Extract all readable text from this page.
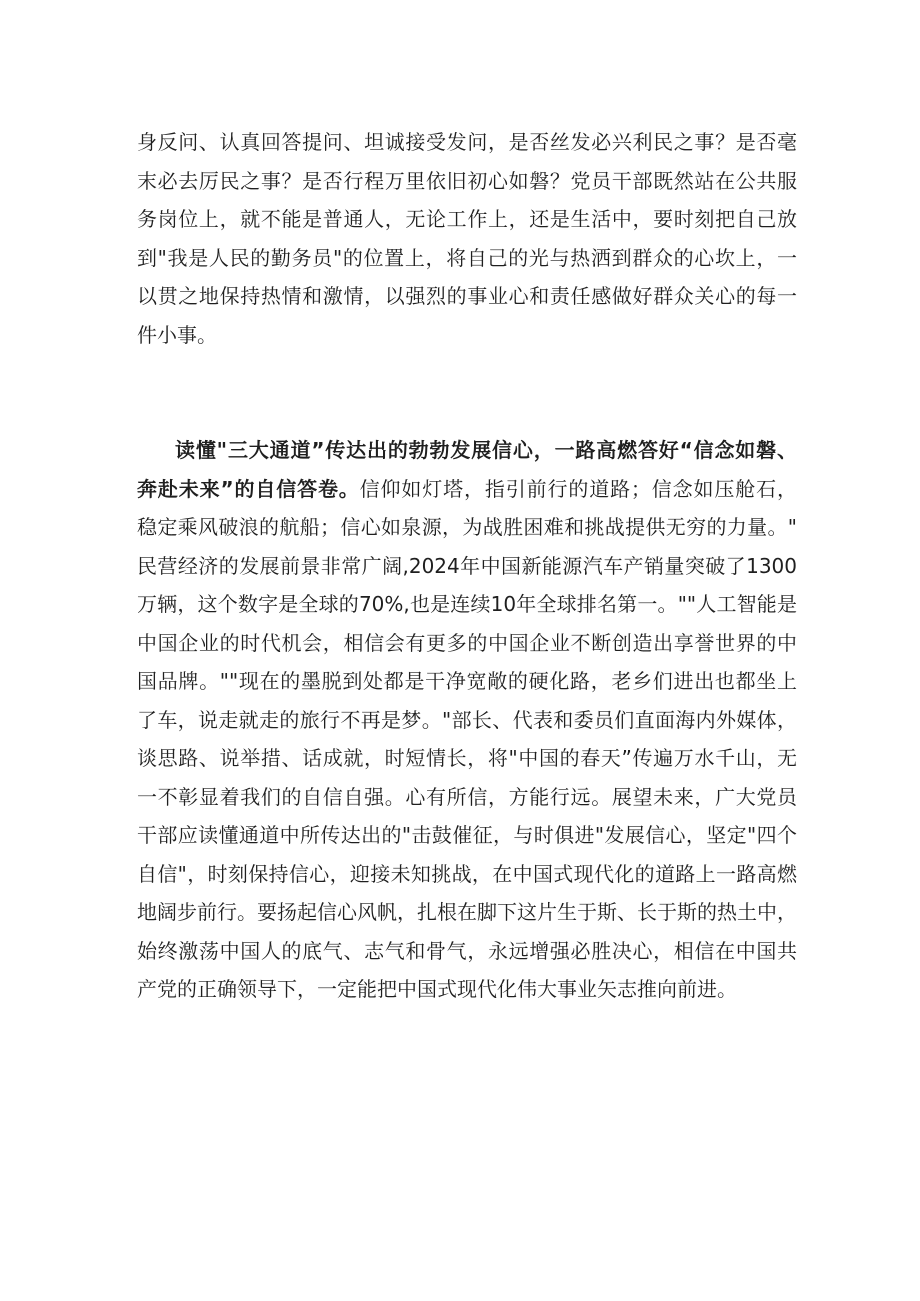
身反问、认真回答提问、坦诚接受发问，是否丝发必兴利民之事？是否毫
末必去厉民之事？是否行程万里依旧初心如磐？党员干部既然站在公共服
务岗位上，就不能是普通人，无论工作上，还是生活中，要时刻把自己放
到"我是人民的勤务员"的位置上，将自己的光与热洒到群众的心坎上，一
以贯之地保持热情和激情，以强烈的事业心和责任感做好群众关心的每一
件小事。
读懂"三大通道”传达出的勃勃发展信心，一路高燃答好“信念如磐、
奔赴未来”的自信答卷。信仰如灯塔，指引前行的道路；信念如压舱石，
稳定乘风破浪的航船；信心如泉源，为战胜困难和挑战提供无穷的力量。"
民营经济的发展前景非常广阔,2024年中国新能源汽车产销量突破了1300
万辆，这个数字是全球的70%,也是连续10年全球排名第一。""人工智能是
中国企业的时代机会，相信会有更多的中国企业不断创造出享誉世界的中
国品牌。""现在的墨脱到处都是干净宽敞的硬化路，老乡们进出也都坐上
了车，说走就走的旅行不再是梦。"部长、代表和委员们直面海内外媒体，
谈思路、说举措、话成就，时短情长，将"中国的春天”传遍万水千山，无
一不彰显着我们的自信自强。心有所信，方能行远。展望未来，广大党员
干部应读懂通道中所传达出的"击鼓催征，与时俱进"发展信心，坚定"四个
自信"，时刻保持信心，迎接未知挑战，在中国式现代化的道路上一路高燃
地阔步前行。要扬起信心风帆，扎根在脚下这片生于斯、长于斯的热土中，
始终激荡中国人的底气、志气和骨气，永远增强必胜决心，相信在中国共
产党的正确领导下，一定能把中国式现代化伟大事业矢志推向前进。
